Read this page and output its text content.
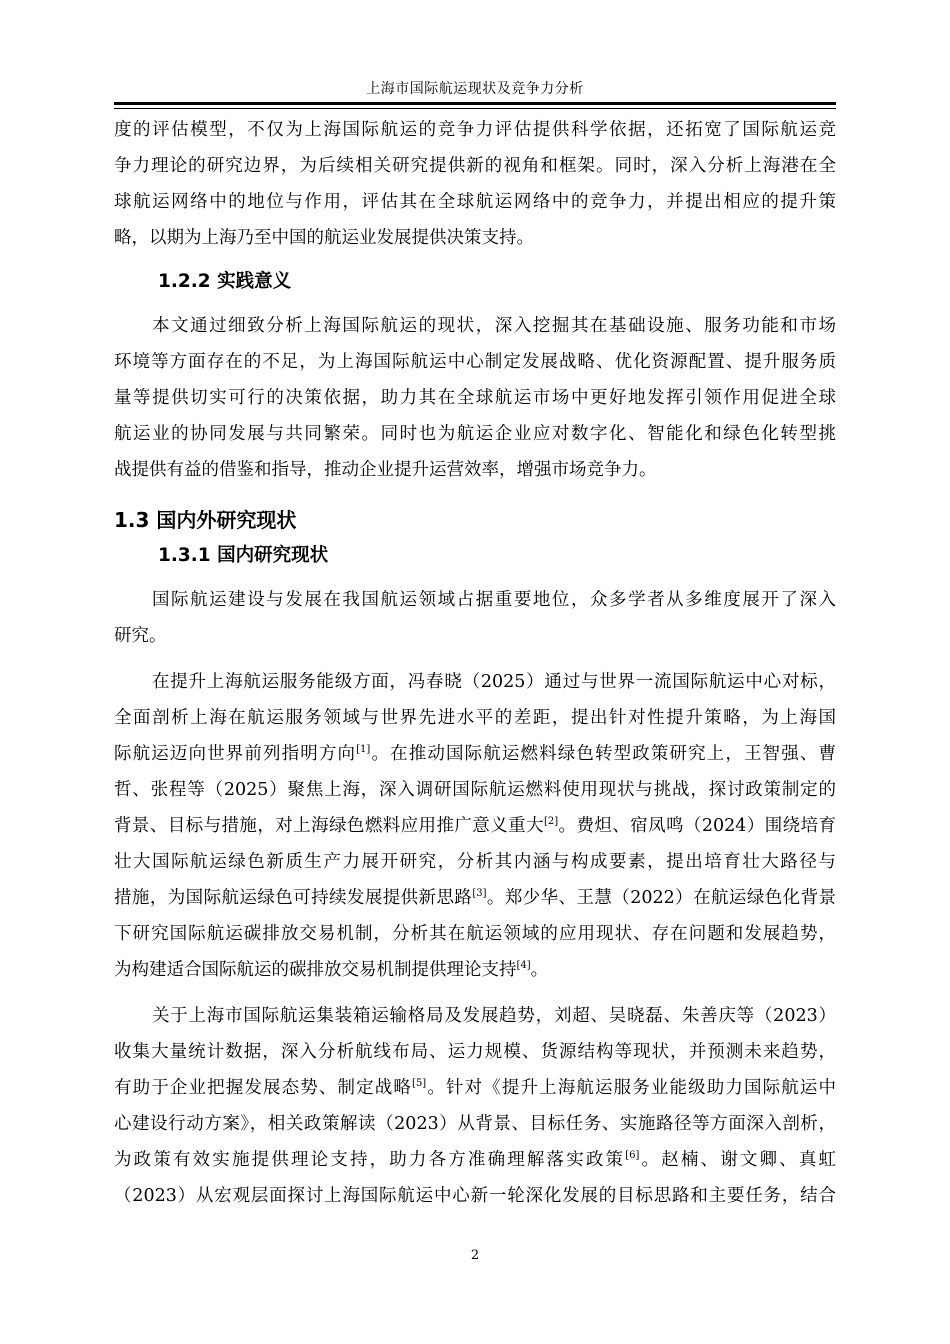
上海市国际航运现状及竞争力分析
度的评估模型，不仅为上海国际航运的竞争力评估提供科学依据，还拓宽了国际航运竞
争力理论的研究边界，为后续相关研究提供新的视角和框架。同时，深入分析上海港在全
球航运网络中的地位与作用，评估其在全球航运网络中的竞争力，并提出相应的提升策
略，以期为上海乃至中国的航运业发展提供决策支持。
1.2.2 实践意义
本文通过细致分析上海国际航运的现状，深入挖掘其在基础设施、服务功能和市场
环境等方面存在的不足，为上海国际航运中心制定发展战略、优化资源配置、提升服务质
量等提供切实可行的决策依据，助力其在全球航运市场中更好地发挥引领作用促进全球
航运业的协同发展与共同繁荣。同时也为航运企业应对数字化、智能化和绿色化转型挑
战提供有益的借鉴和指导，推动企业提升运营效率，增强市场竞争力。
1.3 国内外研究现状
1.3.1 国内研究现状
国际航运建设与发展在我国航运领域占据重要地位，众多学者从多维度展开了深入
研究。
在提升上海航运服务能级方面，冯春晓（2025）通过与世界一流国际航运中心对标，
全面剖析上海在航运服务领域与世界先进水平的差距，提出针对性提升策略，为上海国
际航运迈向世界前列指明方向[1]。在推动国际航运燃料绿色转型政策研究上，王智强、曹
哲、张程等（2025）聚焦上海，深入调研国际航运燃料使用现状与挑战，探讨政策制定的
背景、目标与措施，对上海绿色燃料应用推广意义重大[2]。费炟、宿凤鸣（2024）围绕培育
壮大国际航运绿色新质生产力展开研究，分析其内涵与构成要素，提出培育壮大路径与
措施，为国际航运绿色可持续发展提供新思路[3]。郑少华、王慧（2022）在航运绿色化背景
下研究国际航运碳排放交易机制，分析其在航运领域的应用现状、存在问题和发展趋势，
为构建适合国际航运的碳排放交易机制提供理论支持[4]。
关于上海市国际航运集装箱运输格局及发展趋势，刘超、吴晓磊、朱善庆等（2023）
收集大量统计数据，深入分析航线布局、运力规模、货源结构等现状，并预测未来趋势，
有助于企业把握发展态势、制定战略[5]。针对《提升上海航运服务业能级助力国际航运中
心建设行动方案》，相关政策解读（2023）从背景、目标任务、实施路径等方面深入剖析，
为政策有效实施提供理论支持，助力各方准确理解落实政策[6]。赵楠、谢文卿、真虹
（2023）从宏观层面探讨上海国际航运中心新一轮深化发展的目标思路和主要任务，结合
2
